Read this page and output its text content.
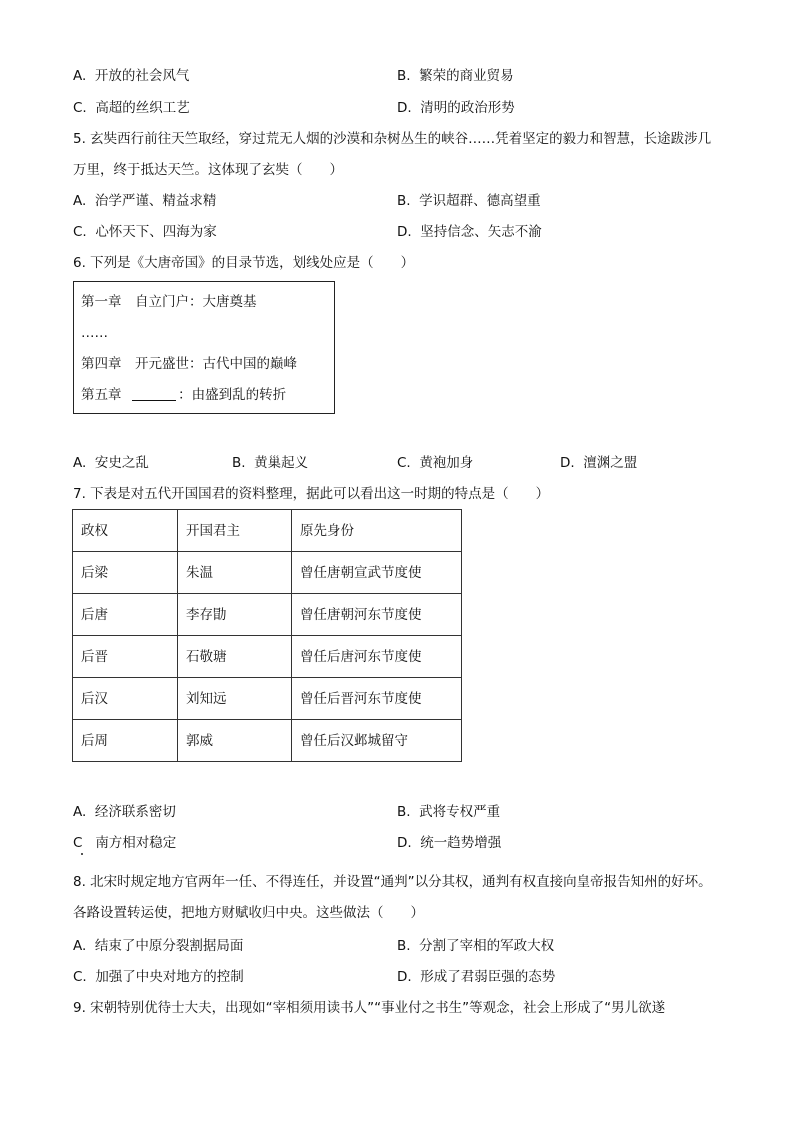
A. 开放的社会风气	B. 繁荣的商业贸易
C. 高超的丝织工艺	D. 清明的政治形势
5. 玄奘西行前往天竺取经，穿过荒无人烟的沙漠和杂树丛生的峡谷……凭着坚定的毅力和智慧，长途跋涉几万里，终于抵达天竺。这体现了玄奘（　　）
A. 治学严谨、精益求精	B. 学识超群、德高望重
C. 心怀天下、四海为家	D. 坚持信念、矢志不渝
6. 下列是《大唐帝国》的目录节选，划线处应是（　　）
第一章　自立门户：大唐奠基
……
第四章　开元盛世：古代中国的巅峰
第五章	：由盛到乱的转折
A. 安史之乱	B. 黄巢起义	C. 黄袍加身	D. 澶渊之盟
7. 下表是对五代开国国君的资料整理，据此可以看出这一时期的特点是（　　）
政权	开国君主	原先身份
后梁	朱温	曾任唐朝宣武节度使
后唐	李存勖	曾任唐朝河东节度使
后晋	石敬瑭	曾任后唐河东节度使
后汉	刘知远	曾任后晋河东节度使
后周	郭威	曾任后汉邺城留守
A. 经济联系密切	B. 武将专权严重
C 南方相对稳定	D. 统一趋势增强
8. 北宋时规定地方官两年一任、不得连任，并设置“通判”以分其权，通判有权直接向皇帝报告知州的好坏。各路设置转运使，把地方财赋收归中央。这些做法（　　）
A. 结束了中原分裂割据局面	B. 分割了宰相的军政大权
C. 加强了中央对地方的控制	D. 形成了君弱臣强的态势
9. 宋朝特别优待士大夫，出现如“宰相须用读书人”“事业付之书生”等观念，社会上形成了“男儿欲遂
